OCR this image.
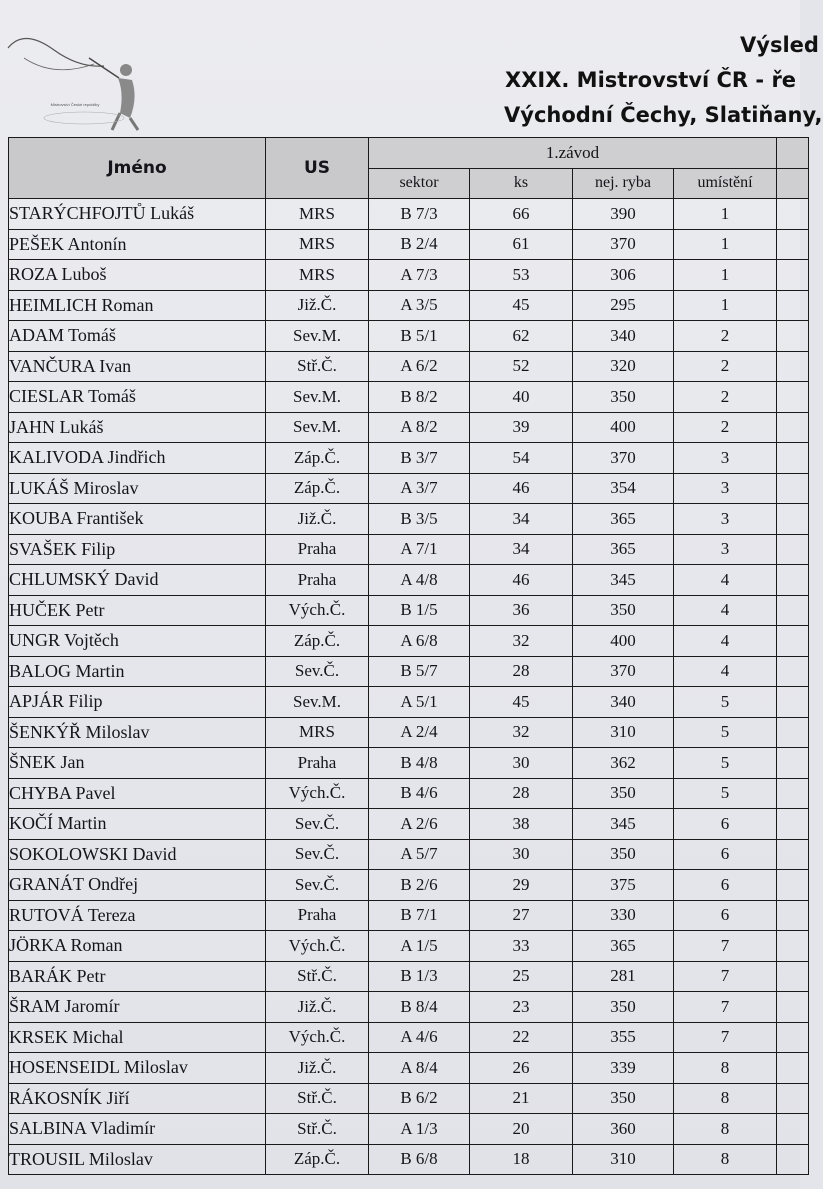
Mistrovství České republiky
Výsled
XXIX. Mistrovství ČR - ře
Východní Čechy, Slatiňany,
Jméno	US	1.závod				
		sektor	ks	nej. ryba	umístění	
STARÝCHFOJTŮ Lukáš	MRS	B 7/3	66	390	1	
PEŠEK Antonín	MRS	B 2/4	61	370	1	
ROZA Luboš	MRS	A 7/3	53	306	1	
HEIMLICH Roman	Již.Č.	A 3/5	45	295	1	
ADAM Tomáš	Sev.M.	B 5/1	62	340	2	
VANČURA Ivan	Stř.Č.	A 6/2	52	320	2	
CIESLAR Tomáš	Sev.M.	B 8/2	40	350	2	
JAHN Lukáš	Sev.M.	A 8/2	39	400	2	
KALIVODA Jindřich	Záp.Č.	B 3/7	54	370	3	
LUKÁŠ Miroslav	Záp.Č.	A 3/7	46	354	3	
KOUBA František	Již.Č.	B 3/5	34	365	3	
SVAŠEK Filip	Praha	A 7/1	34	365	3	
CHLUMSKÝ David	Praha	A 4/8	46	345	4	
HUČEK Petr	Vých.Č.	B 1/5	36	350	4	
UNGR Vojtěch	Záp.Č.	A 6/8	32	400	4	
BALOG Martin	Sev.Č.	B 5/7	28	370	4	
APJÁR Filip	Sev.M.	A 5/1	45	340	5	
ŠENKÝŘ Miloslav	MRS	A 2/4	32	310	5	
ŠNEK Jan	Praha	B 4/8	30	362	5	
CHYBA Pavel	Vých.Č.	B 4/6	28	350	5	
KOČÍ Martin	Sev.Č.	A 2/6	38	345	6	
SOKOLOWSKI David	Sev.Č.	A 5/7	30	350	6	
GRANÁT Ondřej	Sev.Č.	B 2/6	29	375	6	
RUTOVÁ Tereza	Praha	B 7/1	27	330	6	
JÖRKA Roman	Vých.Č.	A 1/5	33	365	7	
BARÁK Petr	Stř.Č.	B 1/3	25	281	7	
ŠRAM Jaromír	Již.Č.	B 8/4	23	350	7	
KRSEK Michal	Vých.Č.	A 4/6	22	355	7	
HOSENSEIDL Miloslav	Již.Č.	A 8/4	26	339	8	
RÁKOSNÍK Jiří	Stř.Č.	B 6/2	21	350	8	
SALBINA Vladimír	Stř.Č.	A 1/3	20	360	8	
TROUSIL Miloslav	Záp.Č.	B 6/8	18	310	8	
